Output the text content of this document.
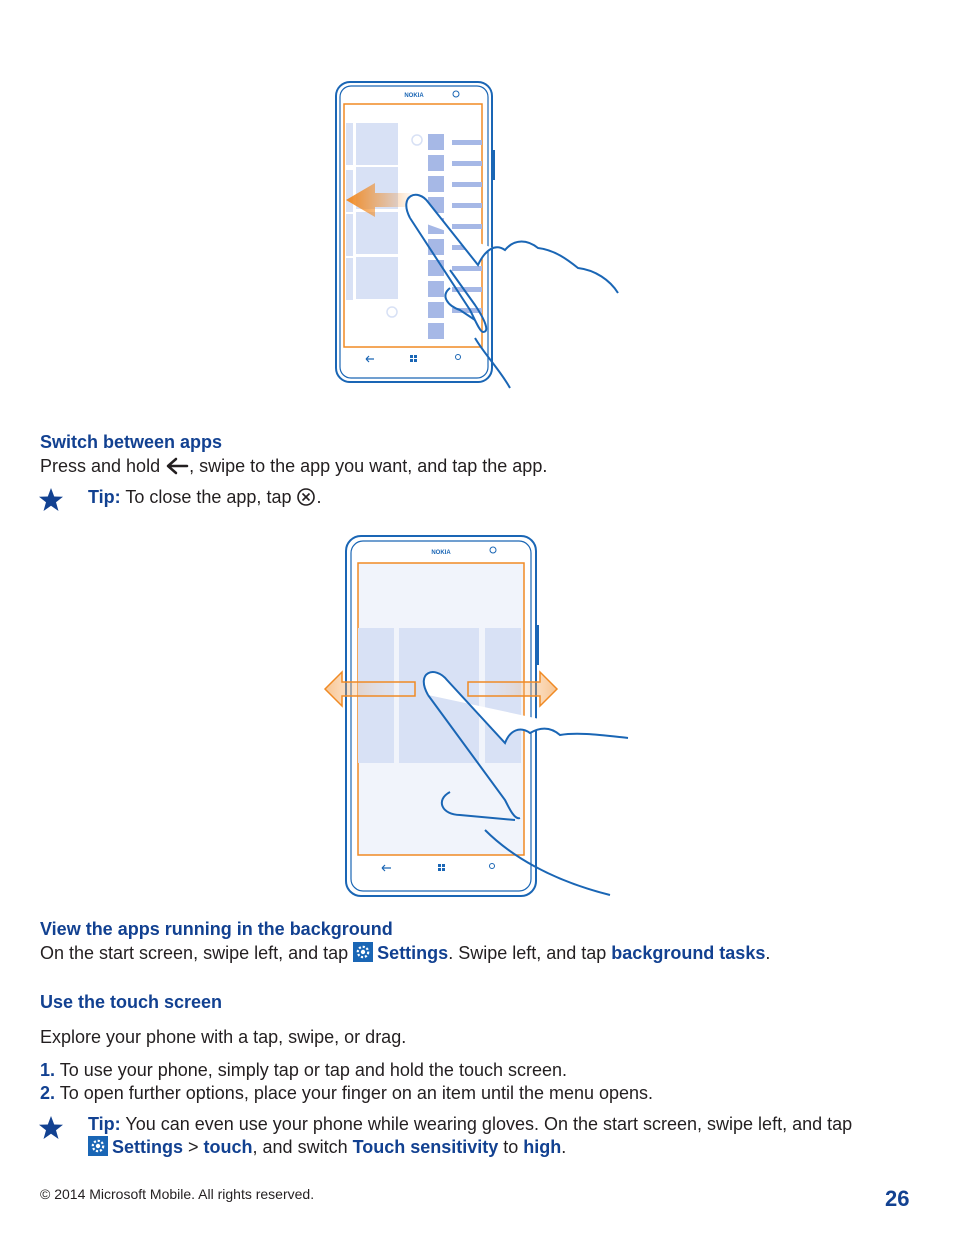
NOKIA
Switch between apps
Press and hold , swipe to the app you want, and tap the app.
Tip: To close the app, tap .
NOKIA
View the apps running in the background
On the start screen, swipe left, and tap Settings. Swipe left, and tap background tasks.
Use the touch screen
Explore your phone with a tap, swipe, or drag.
1. To use your phone, simply tap or tap and hold the touch screen.
2. To open further options, place your finger on an item until the menu opens.
Tip: You can even use your phone while wearing gloves. On the start screen, swipe left, and tap
Settings > touch, and switch Touch sensitivity to high.
© 2014 Microsoft Mobile. All rights reserved.	26
